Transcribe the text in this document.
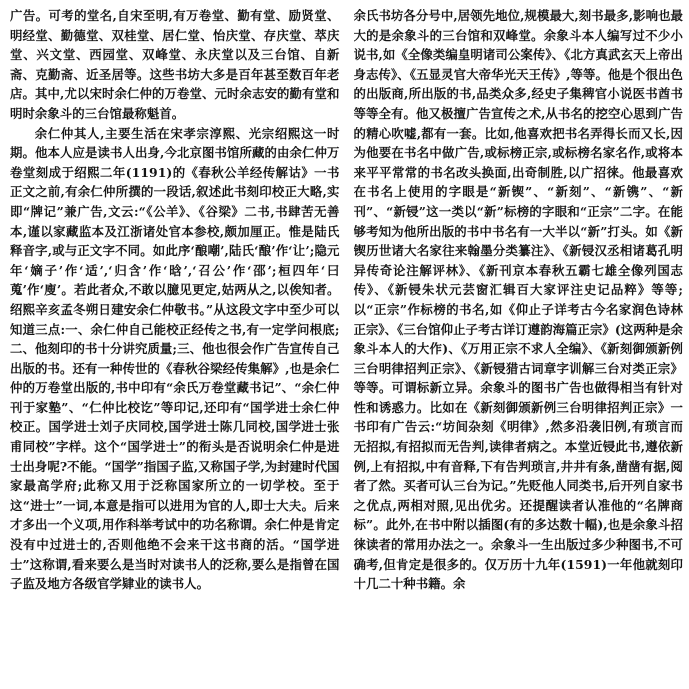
广告。可考的堂名,自宋至明,有万卷堂、勤有堂、励贤堂、明经堂、勤德堂、双桂堂、居仁堂、怡庆堂、存庆堂、萃庆堂、兴文堂、西园堂、双峰堂、永庆堂以及三台馆、自新斋、克勤斋、近圣居等。这些书坊大多是百年甚至数百年老店。其中,尤以宋时余仁仲的万卷堂、元时余志安的勤有堂和明时余象斗的三台馆最称魁首。

余仁仲其人,主要生活在宋孝宗淳熙、光宗绍熙这一时期。他本人应是读书人出身,今北京图书馆所藏的由余仁仲万卷堂刻成于绍熙二年(1191)的《春秋公羊经传解诂》一书正文之前,有余仁仲所撰的一段话,叙述此书刻印校正大略,实即“牌记”兼广告,文云:“《公羊》、《谷梁》二书,书肆苦无善本,谨以家藏监本及江浙诸处官本参校,颇加厘正。惟是陆氏释音字,或与正文字不同。如此序‘酿嘲’,陆氏‘酿’作‘让’;隐元年‘嫡子’作‘适’,‘归含’作‘晗’,‘召公’作‘邵’;桓四年‘曰蒐’作‘廋’。若此者众,不敢以臆见更定,姑两从之,以俟知者。绍熙辛亥孟冬朔日建安余仁仲敬书。”从这段文字中至少可以知道三点:一、余仁仲自己能校正经传之书,有一定学问根底;二、他刻印的书十分讲究质量;三、他也很会作广告宣传自己出版的书。还有一种传世的《春秋谷梁经传集解》,也是余仁仲的万卷堂出版的,书中印有“余氏万卷堂藏书记”、“余仁仲刊于家塾”、“仁仲比校讫”等印记,还印有“国学进士余仁仲校正。国学进士刘子庆同校,国学进士陈几同校,国学进士张甫同校”字样。这个“国学进士”的衔头是否说明余仁仲是进士出身呢?不能。“国学”指国子监,又称国子学,为封建时代国家最高学府;此称又用于泛称国家所立的一切学校。至于这“进士”一词,本意是指可以进用为官的人,即士大夫。后来才多出一个义项,用作科举考试中的功名称谓。余仁仲是肯定没有中过进士的,否则他绝不会来干这书商的活。“国学进士”这称谓,看来要么是当时对读书人的泛称,要么是指曾在国子监及地方各级官学肄业的读书人。

余氏书坊各分号中,居领先地位,规模最大,刻书最多,影响也最大的是余象斗的三台馆和双峰堂。余象斗本人编写过不少小说书,如《全像类编皇明诸司公案传》、《北方真武玄天上帝出身志传》、《五显灵官大帝华光天王传》,等等。他是个很出色的出版商,所出版的书,品类众多,经史子集稗官小说医书酋书等等全有。他又极擅广告宣传之术,从书名的挖空心思到广告的精心吹嘘,都有一套。比如,他喜欢把书名弄得长而又长,因为他要在书名中做广告,或标榜正宗,或标榜名家名作,或将本来平平常常的书名改头换面,出奇制胜,以广招徕。他最喜欢在书名上使用的字眼是“新锲”、“新刻”、“新镌”、“新刊”、“新锓”这一类以“新”标榜的字眼和“正宗”二字。在能够考知为他所出版的书中书名有一大半以“新”打头。如《新锲历世诸大名家往来翰墨分类纂注》、《新锓汉丞相诸葛孔明异传奇论注解评林》、《新刊京本春秋五霸七雄全像列国志传》、《新锓朱状元芸窗汇辑百大家评注史记品粹》等等;以“正宗”作标榜的书名,如《仰止子详考古今名家润色诗林正宗》、《三台馆仰止子考古详订遵韵海篇正宗》(这两种是余象斗本人的大作)、《万用正宗不求人全编》、《新刻御颁新例三台明律招判正宗》、《新锓猎古词章字训解三台对类正宗》等等。可谓标新立异。余象斗的图书广告也做得相当有针对性和诱惑力。比如在《新刻御颁新例三台明律招判正宗》一书印有广告云:“坊间杂刻《明律》,然多沿袭旧例,有琐言而无招拟,有招拟而无告判,读律者病之。本堂近锓此书,遵依新例,上有招拟,中有音释,下有告判琐言,井井有条,凿凿有据,阅者了然。买者可认三台为记。”先贬他人同类书,后开列自家书之优点,两相对照,见出优劣。还提醒读者认准他的“名牌商标”。此外,在书中附以插图(有的多达数十幅),也是余象斗招徕读者的常用办法之一。余象斗一生出版过多少种图书,不可确考,但肯定是很多的。仅万历十九年(1591)一年他就刻印十几二十种书籍。余
